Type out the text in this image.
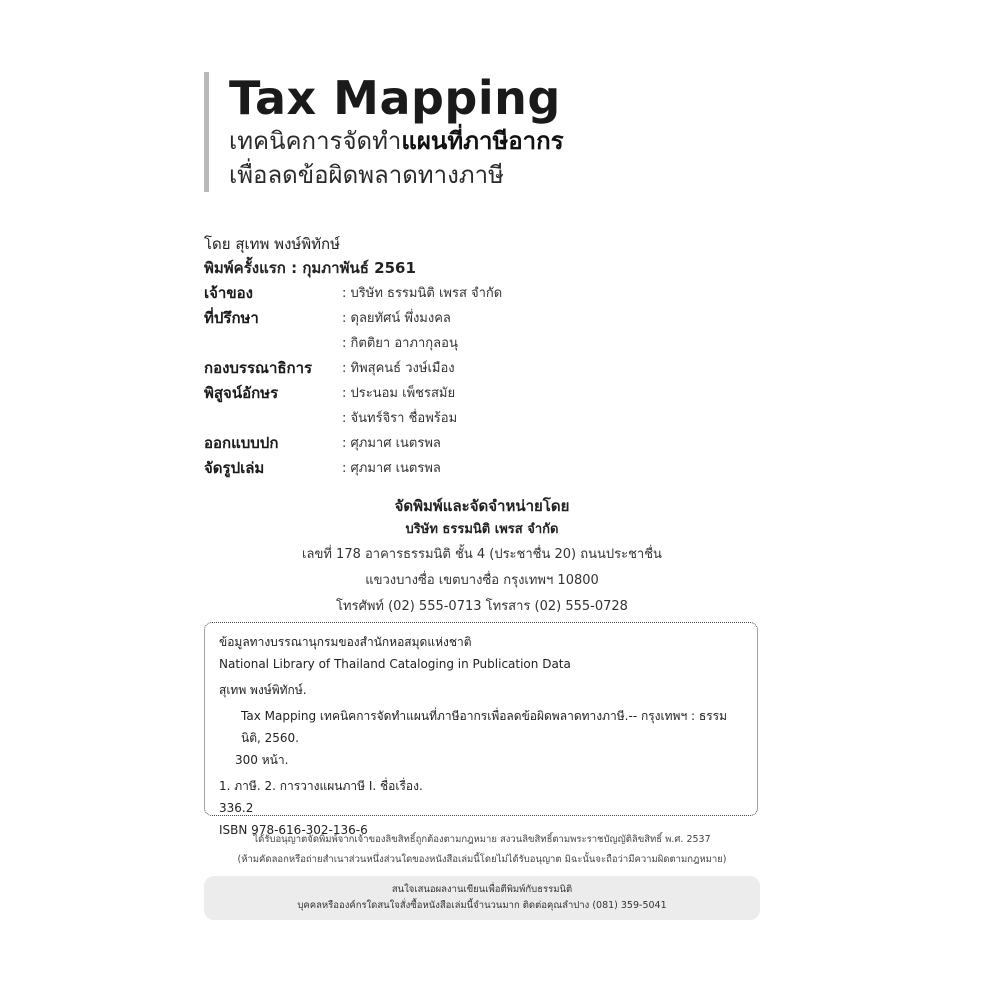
Tax Mapping
เทคนิคการจัดทำแผนที่ภาษีอากร
เพื่อลดข้อผิดพลาดทางภาษี
โดย สุเทพ พงษ์พิทักษ์
พิมพ์ครั้งแรก : กุมภาพันธ์ 2561
เจ้าของ	: บริษัท ธรรมนิติ เพรส จำกัด
ที่ปรึกษา	: ดุลยทัศน์ พึ่งมงคล
: กิตติยา อาภากุลอนุ
กองบรรณาธิการ	: ทิพสุคนธ์ วงษ์เมือง
พิสูจน์อักษร	: ประนอม เพ็ชรสมัย
: จันทร์จิรา ชื่อพร้อม
ออกแบบปก	: ศุภมาศ เนตรพล
จัดรูปเล่ม	: ศุภมาศ เนตรพล
จัดพิมพ์และจัดจำหน่ายโดย
บริษัท ธรรมนิติ เพรส จำกัด
เลขที่ 178 อาคารธรรมนิติ ชั้น 4 (ประชาชื่น 20) ถนนประชาชื่น
แขวงบางซื่อ เขตบางซื่อ กรุงเทพฯ 10800
โทรศัพท์ (02) 555-0713 โทรสาร (02) 555-0728
ข้อมูลทางบรรณานุกรมของสำนักหอสมุดแห่งชาติ
National Library of Thailand Cataloging in Publication Data
สุเทพ พงษ์พิทักษ์.
Tax Mapping เทคนิคการจัดทำแผนที่ภาษีอากรเพื่อลดข้อผิดพลาดทางภาษี.-- กรุงเทพฯ : ธรรมนิติ, 2560.
300 หน้า.
1. ภาษี. 2. การวางแผนภาษี I. ชื่อเรื่อง.
336.2
ISBN 978-616-302-136-6
ได้รับอนุญาตจัดพิมพ์จากเจ้าของลิขสิทธิ์ถูกต้องตามกฎหมาย สงวนลิขสิทธิ์ตามพระราชบัญญัติลิขสิทธิ์ พ.ศ. 2537
(ห้ามคัดลอกหรือถ่ายสำเนาส่วนหนึ่งส่วนใดของหนังสือเล่มนี้โดยไม่ได้รับอนุญาต มิฉะนั้นจะถือว่ามีความผิดตามกฎหมาย)
สนใจเสนอผลงานเขียนเพื่อตีพิมพ์กับธรรมนิติ
บุคคลหรือองค์กรใดสนใจสั่งซื้อหนังสือเล่มนี้จำนวนมาก ติดต่อคุณลำปาง (081) 359-5041
